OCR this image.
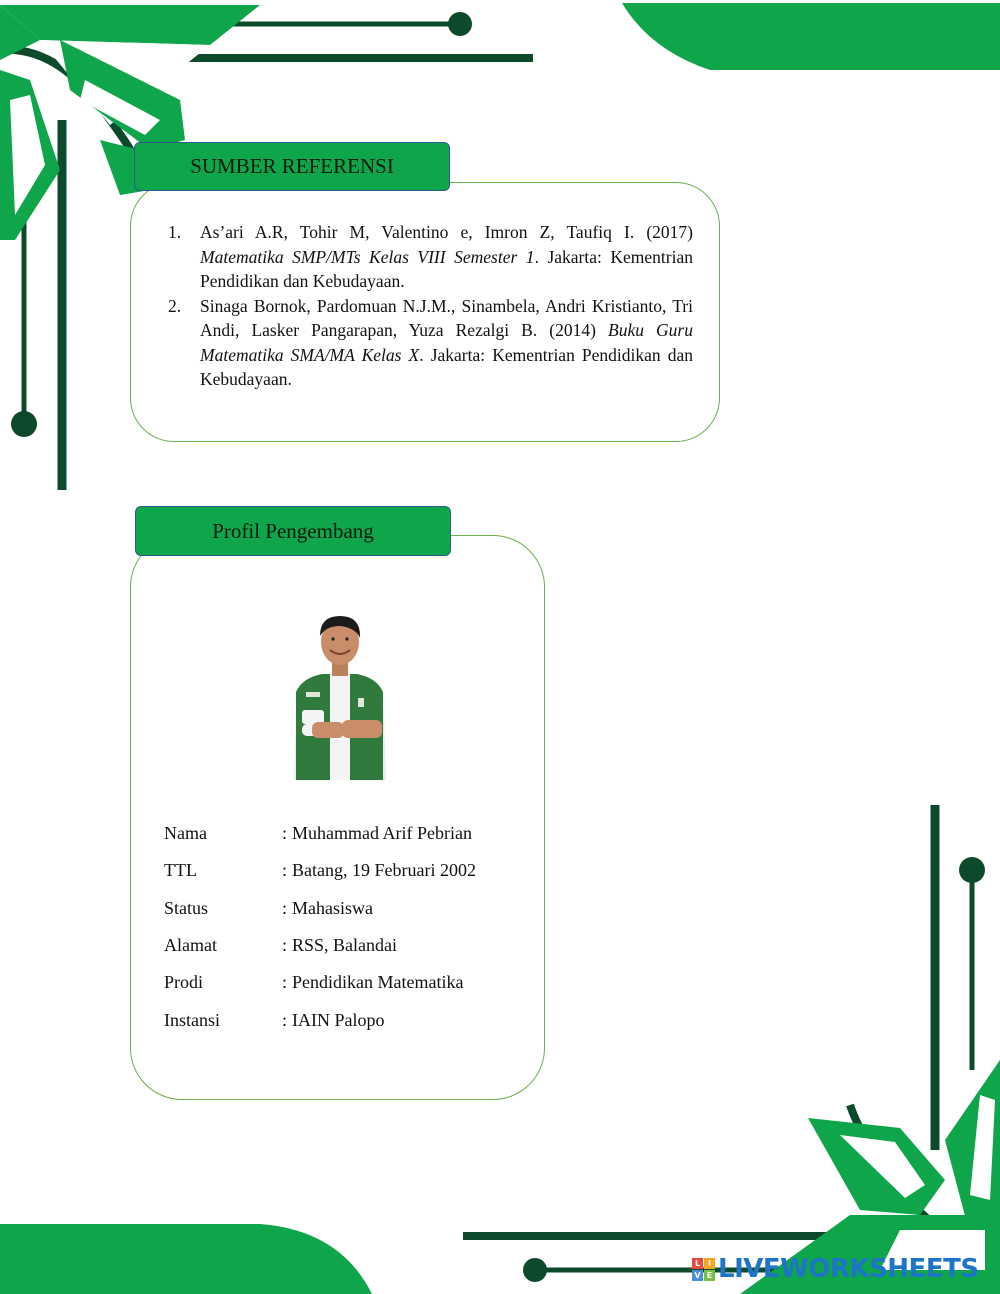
SUMBER REFERENSI
1. As’ari A.R, Tohir M, Valentino e, Imron Z, Taufiq I. (2017) Matematika SMP/MTs Kelas VIII Semester 1. Jakarta: Kementrian Pendidikan dan Kebudayaan.
2. Sinaga Bornok, Pardomuan N.J.M., Sinambela, Andri Kristianto, Tri Andi, Lasker Pangarapan, Yuza Rezalgi B. (2014) Buku Guru Matematika SMA/MA Kelas X. Jakarta: Kementrian Pendidikan dan Kebudayaan.
Profil Pengembang
Nama	: Muhammad Arif Pebrian
TTL	: Batang, 19 Februari 2002
Status	: Mahasiswa
Alamat	: RSS, Balandai
Prodi	: Pendidikan Matematika
Instansi	: IAIN Palopo
L I
V E LIVEWORKSHEETS
